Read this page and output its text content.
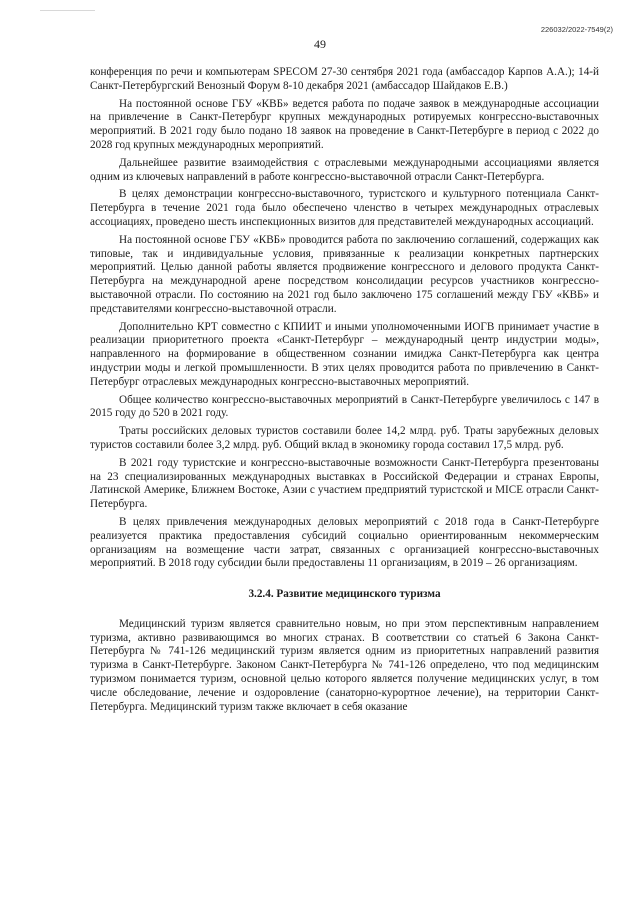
226032/2022-7549(2)
49

конференция по речи и компьютерам SPECOM 27-30 сентября 2021 года (амбассадор Карпов А.А.); 14-й Санкт-Петербургский Венозный Форум 8-10 декабря 2021 (амбассадор Шайдаков Е.В.)

На постоянной основе ГБУ «КВБ» ведется работа по подаче заявок в международные ассоциации на привлечение в Санкт-Петербург крупных международных ротируемых конгрессно-выставочных мероприятий. В 2021 году было подано 18 заявок на проведение в Санкт-Петербурге в период с 2022 до 2028 год крупных международных мероприятий.

Дальнейшее развитие взаимодействия с отраслевыми международными ассоциациями является одним из ключевых направлений в работе конгрессно-выставочной отрасли Санкт-Петербурга.

В целях демонстрации конгрессно-выставочного, туристского и культурного потенциала Санкт-Петербурга в течение 2021 года было обеспечено членство в четырех международных отраслевых ассоциациях, проведено шесть инспекционных визитов для представителей международных ассоциаций.

На постоянной основе ГБУ «КВБ» проводится работа по заключению соглашений, содержащих как типовые, так и индивидуальные условия, привязанные к реализации конкретных партнерских мероприятий. Целью данной работы является продвижение конгрессного и делового продукта Санкт-Петербурга на международной арене посредством консолидации ресурсов участников конгрессно-выставочной отрасли. По состоянию на 2021 год было заключено 175 соглашений между ГБУ «КВБ» и представителями конгрессно-выставочной отрасли.

Дополнительно КРТ совместно с КПИИТ и иными уполномоченными ИОГВ принимает участие в реализации приоритетного проекта «Санкт-Петербург – международный центр индустрии моды», направленного на формирование в общественном сознании имиджа Санкт-Петербурга как центра индустрии моды и легкой промышленности. В этих целях проводится работа по привлечению в Санкт-Петербург отраслевых международных конгрессно-выставочных мероприятий.

Общее количество конгрессно-выставочных мероприятий в Санкт-Петербурге увеличилось с 147 в 2015 году до 520 в 2021 году.

Траты российских деловых туристов составили более 14,2 млрд. руб. Траты зарубежных деловых туристов составили более 3,2 млрд. руб. Общий вклад в экономику города составил 17,5 млрд. руб.

В 2021 году туристские и конгрессно-выставочные возможности Санкт-Петербурга презентованы на 23 специализированных международных выставках в Российской Федерации и странах Европы, Латинской Америке, Ближнем Востоке, Азии с участием предприятий туристской и MICE отрасли Санкт-Петербурга.

В целях привлечения международных деловых мероприятий с 2018 года в Санкт-Петербурге реализуется практика предоставления субсидий социально ориентированным некоммерческим организациям на возмещение части затрат, связанных с организацией конгрессно-выставочных мероприятий. В 2018 году субсидии были предоставлены 11 организациям, в 2019 – 26 организациям.

3.2.4. Развитие медицинского туризма

Медицинский туризм является сравнительно новым, но при этом перспективным направлением туризма, активно развивающимся во многих странах. В соответствии со статьей 6 Закона Санкт-Петербурга № 741-126 медицинский туризм является одним из приоритетных направлений развития туризма в Санкт-Петербурге. Законом Санкт-Петербурга № 741-126 определено, что под медицинским туризмом понимается туризм, основной целью которого является получение медицинских услуг, в том числе обследование, лечение и оздоровление (санаторно-курортное лечение), на территории Санкт-Петербурга. Медицинский туризм также включает в себя оказание
